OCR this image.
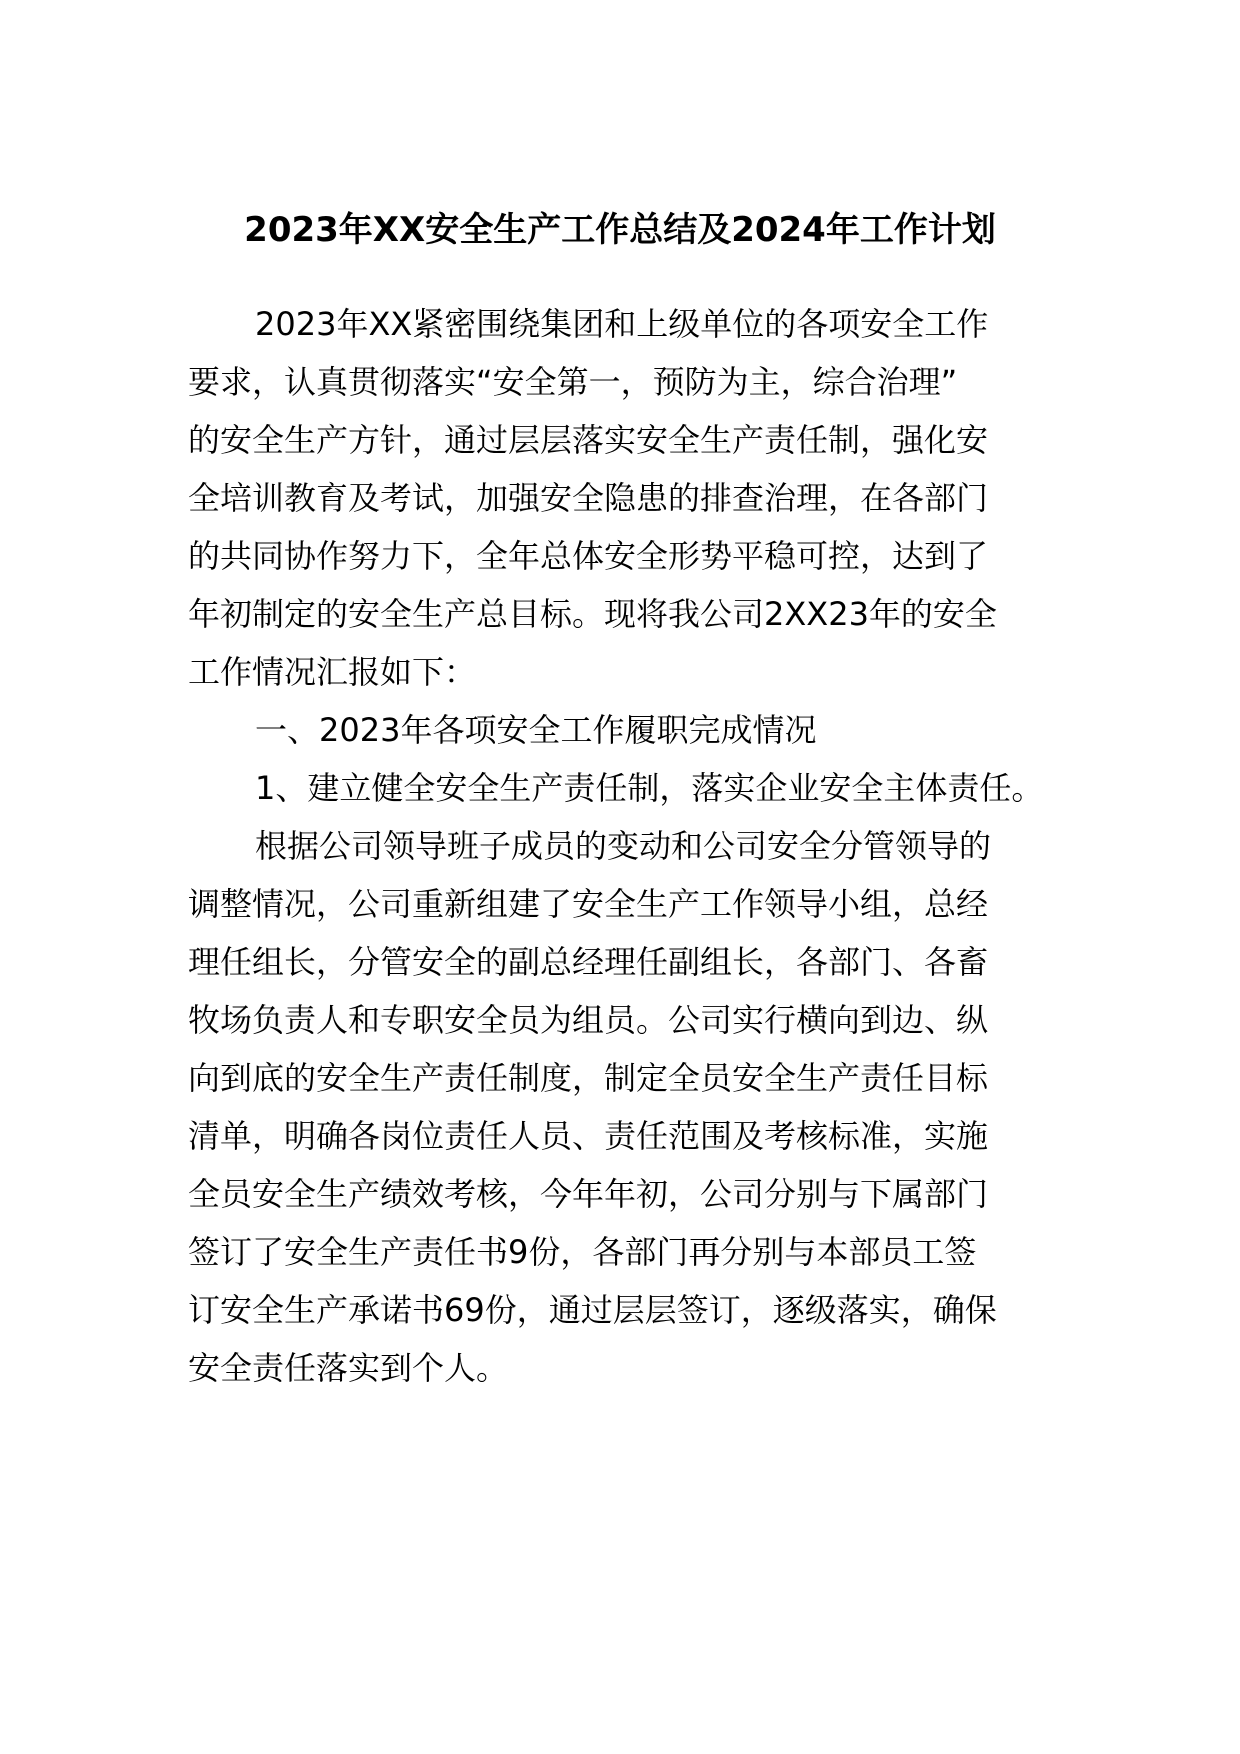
2023年XX安全生产工作总结及2024年工作计划
2023年XX紧密围绕集团和上级单位的各项安全工作
要求，认真贯彻落实“安全第一，预防为主，综合治理”
的安全生产方针，通过层层落实安全生产责任制，强化安
全培训教育及考试，加强安全隐患的排查治理，在各部门
的共同协作努力下，全年总体安全形势平稳可控，达到了
年初制定的安全生产总目标。现将我公司2XX23年的安全
工作情况汇报如下：
一、2023年各项安全工作履职完成情况
1、建立健全安全生产责任制，落实企业安全主体责任。
根据公司领导班子成员的变动和公司安全分管领导的
调整情况，公司重新组建了安全生产工作领导小组，总经
理任组长，分管安全的副总经理任副组长，各部门、各畜
牧场负责人和专职安全员为组员。公司实行横向到边、纵
向到底的安全生产责任制度，制定全员安全生产责任目标
清单，明确各岗位责任人员、责任范围及考核标准，实施
全员安全生产绩效考核，今年年初，公司分别与下属部门
签订了安全生产责任书9份，各部门再分别与本部员工签
订安全生产承诺书69份，通过层层签订，逐级落实，确保
安全责任落实到个人。
